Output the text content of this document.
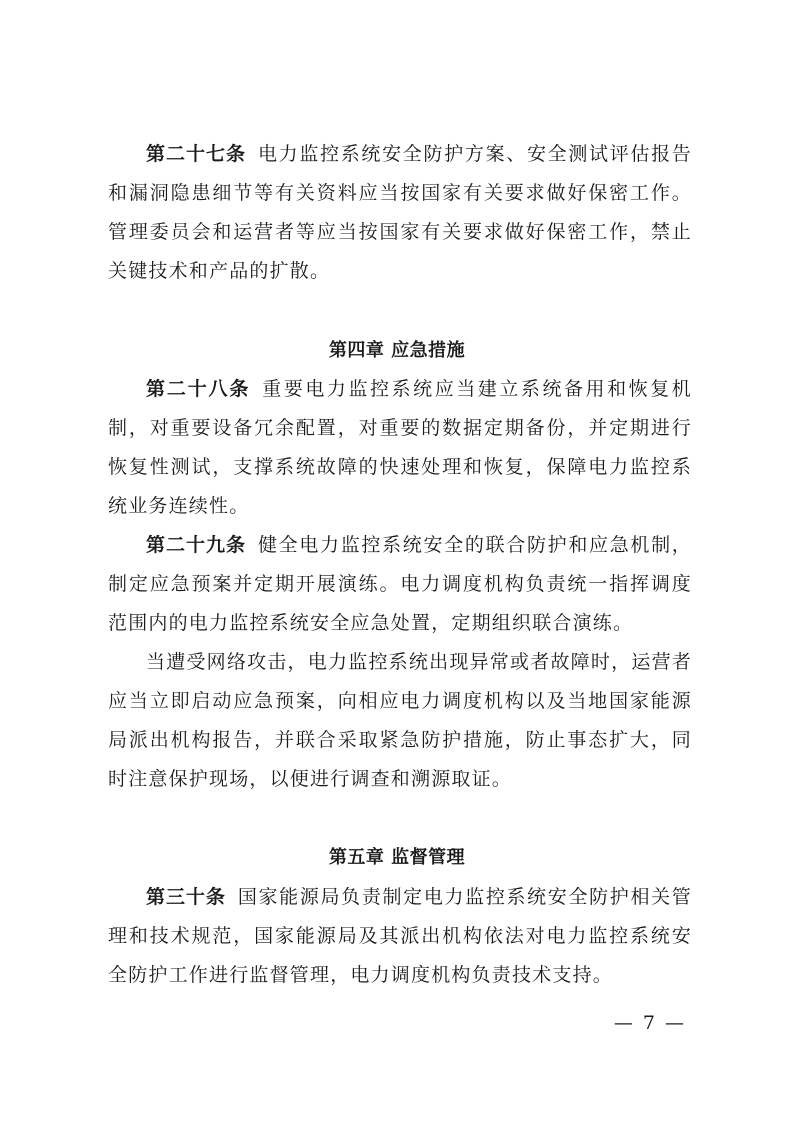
第二十七条 电力监控系统安全防护方案、安全测试评估报告和漏洞隐患细节等有关资料应当按国家有关要求做好保密工作。管理委员会和运营者等应当按国家有关要求做好保密工作，禁止关键技术和产品的扩散。

第四章 应急措施

第二十八条 重要电力监控系统应当建立系统备用和恢复机制，对重要设备冗余配置，对重要的数据定期备份，并定期进行恢复性测试，支撑系统故障的快速处理和恢复，保障电力监控系统业务连续性。

第二十九条 健全电力监控系统安全的联合防护和应急机制，制定应急预案并定期开展演练。电力调度机构负责统一指挥调度范围内的电力监控系统安全应急处置，定期组织联合演练。

当遭受网络攻击，电力监控系统出现异常或者故障时，运营者应当立即启动应急预案，向相应电力调度机构以及当地国家能源局派出机构报告，并联合采取紧急防护措施，防止事态扩大，同时注意保护现场，以便进行调查和溯源取证。

第五章 监督管理

第三十条 国家能源局负责制定电力监控系统安全防护相关管理和技术规范，国家能源局及其派出机构依法对电力监控系统安全防护工作进行监督管理，电力调度机构负责技术支持。

— 7 —
